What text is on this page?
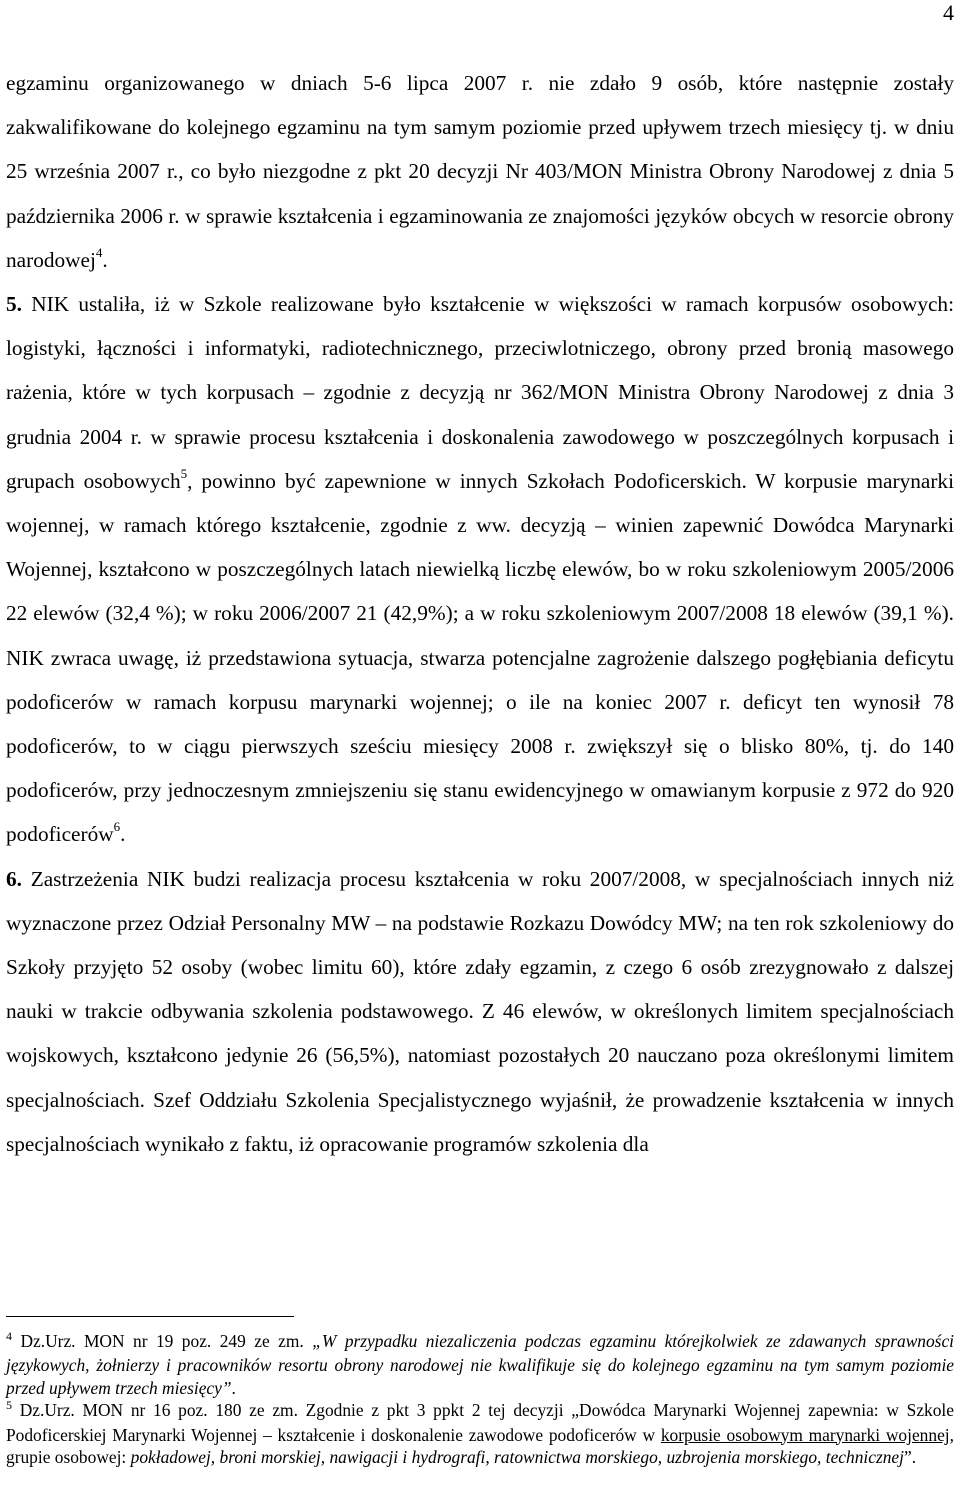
4

egzaminu organizowanego w dniach 5-6 lipca 2007 r. nie zdało 9 osób, które następnie zostały zakwalifikowane do kolejnego egzaminu na tym samym poziomie przed upływem trzech miesięcy tj. w dniu 25 września 2007 r., co było niezgodne z pkt 20 decyzji Nr 403/MON Ministra Obrony Narodowej z dnia 5 października 2006 r. w sprawie kształcenia i egzaminowania ze znajomości języków obcych w resorcie obrony narodowej$^4$.

5. NIK ustaliła, iż w Szkole realizowane było kształcenie w większości w ramach korpusów osobowych: logistyki, łączności i informatyki, radiotechnicznego, przeciwlotniczego, obrony przed bronią masowego rażenia, które w tych korpusach – zgodnie z decyzją nr 362/MON Ministra Obrony Narodowej z dnia 3 grudnia 2004 r. w sprawie procesu kształcenia i doskonalenia zawodowego w poszczególnych korpusach i grupach osobowych$^5$, powinno być zapewnione w innych Szkołach Podoficerskich. W korpusie marynarki wojennej, w ramach którego kształcenie, zgodnie z ww. decyzją – winien zapewnić Dowódca Marynarki Wojennej, kształcono w poszczególnych latach niewielką liczbę elewów, bo w roku szkoleniowym 2005/2006 22 elewów (32,4 %); w roku 2006/2007 21 (42,9%); a w roku szkoleniowym 2007/2008 18 elewów (39,1 %). NIK zwraca uwagę, iż przedstawiona sytuacja, stwarza potencjalne zagrożenie dalszego pogłębiania deficytu podoficerów w ramach korpusu marynarki wojennej; o ile na koniec 2007 r. deficyt ten wynosił 78 podoficerów, to w ciągu pierwszych sześciu miesięcy 2008 r. zwiększył się o blisko 80%, tj. do 140 podoficerów, przy jednoczesnym zmniejszeniu się stanu ewidencyjnego w omawianym korpusie z 972 do 920 podoficerów$^6$.

6. Zastrzeżenia NIK budzi realizacja procesu kształcenia w roku 2007/2008, w specjalnościach innych niż wyznaczone przez Odział Personalny MW – na podstawie Rozkazu Dowódcy MW; na ten rok szkoleniowy do Szkoły przyjęto 52 osoby (wobec limitu 60), które zdały egzamin, z czego 6 osób zrezygnowało z dalszej nauki w trakcie odbywania szkolenia podstawowego. Z 46 elewów, w określonych limitem specjalnościach wojskowych, kształcono jedynie 26 (56,5%), natomiast pozostałych 20 nauczano poza określonymi limitem specjalnościach. Szef Oddziału Szkolenia Specjalistycznego wyjaśnił, że prowadzenie kształcenia w innych specjalnościach wynikało z faktu, iż opracowanie programów szkolenia dla

$^4$ Dz.Urz. MON nr 19 poz. 249 ze zm. „W przypadku niezaliczenia podczas egzaminu którejkolwiek ze zdawanych sprawności językowych, żołnierzy i pracowników resortu obrony narodowej nie kwalifikuje się do kolejnego egzaminu na tym samym poziomie przed upływem trzech miesięcy”.

$^5$ Dz.Urz. MON nr 16 poz. 180 ze zm. Zgodnie z pkt 3 ppkt 2 tej decyzji „Dowódca Marynarki Wojennej zapewnia: w Szkole Podoficerskiej Marynarki Wojennej – kształcenie i doskonalenie zawodowe podoficerów w korpusie osobowym marynarki wojennej, grupie osobowej: pokładowej, broni morskiej, nawigacji i hydrografi, ratownictwa morskiego, uzbrojenia morskiego, technicznej”.
